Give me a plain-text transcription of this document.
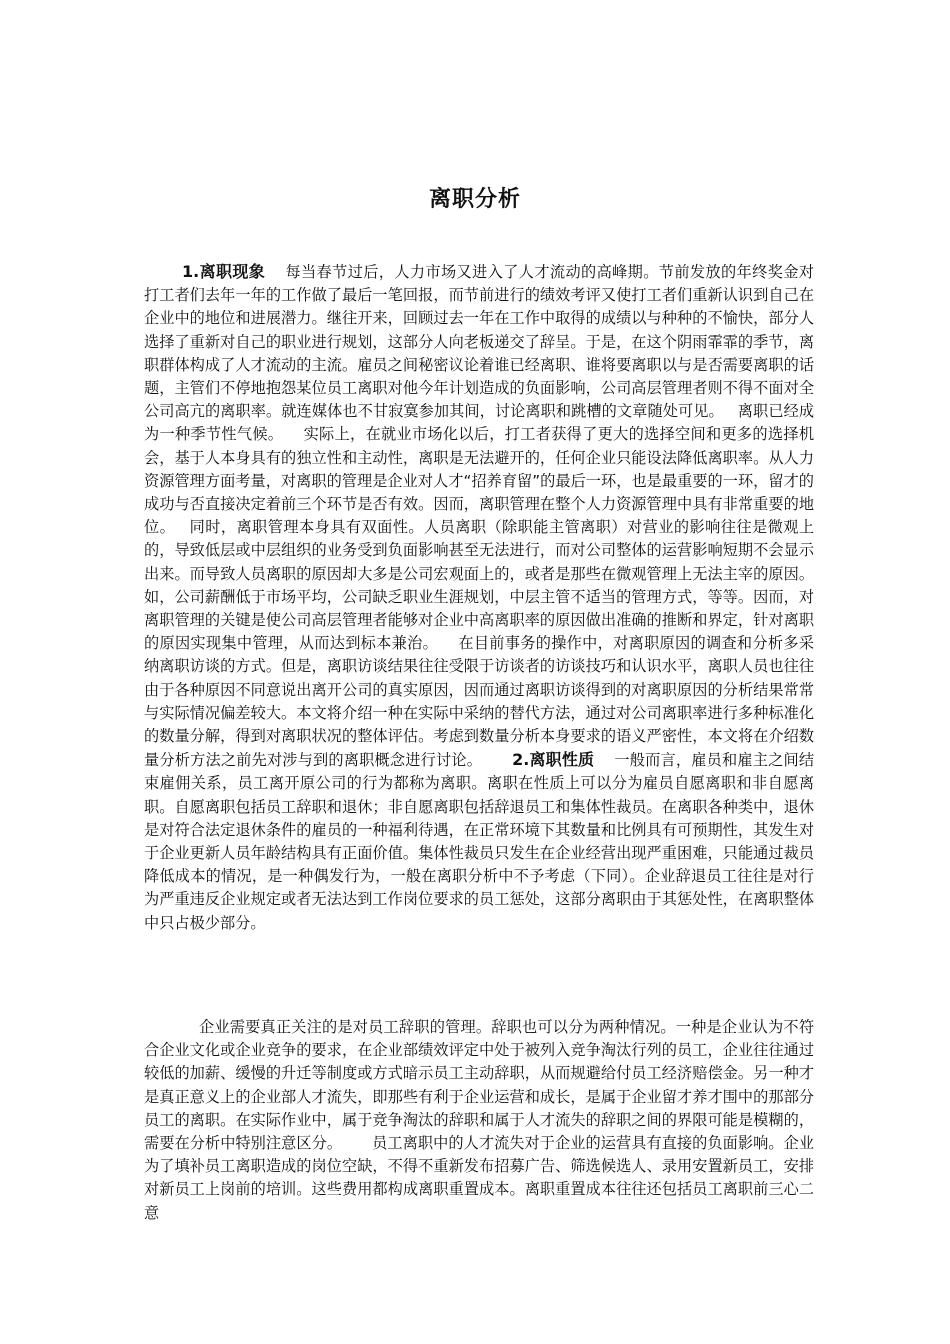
离职分析
1.离职现象 每当春节过后，人力市场又进入了人才流动的高峰期。节前发放的年终奖金对打工者们去年一年的工作做了最后一笔回报，而节前进行的绩效考评又使打工者们重新认识到自己在企业中的地位和进展潜力。继往开来，回顾过去一年在工作中取得的成绩以与种种的不愉快，部分人选择了重新对自己的职业进行规划，这部分人向老板递交了辞呈。于是，在这个阴雨霏霏的季节，离职群体构成了人才流动的主流。雇员之间秘密议论着谁已经离职、谁将要离职以与是否需要离职的话题，主管们不停地抱怨某位员工离职对他今年计划造成的负面影响，公司高层管理者则不得不面对全公司高亢的离职率。就连媒体也不甘寂寞参加其间，讨论离职和跳槽的文章随处可见。 离职已经成为一种季节性气候。 实际上，在就业市场化以后，打工者获得了更大的选择空间和更多的选择机会，基于人本身具有的独立性和主动性，离职是无法避开的，任何企业只能设法降低离职率。从人力资源管理方面考量，对离职的管理是企业对人才“招养育留”的最后一环，也是最重要的一环，留才的成功与否直接决定着前三个环节是否有效。因而，离职管理在整个人力资源管理中具有非常重要的地位。 同时，离职管理本身具有双面性。人员离职（除职能主管离职）对营业的影响往往是微观上的，导致低层或中层组织的业务受到负面影响甚至无法进行，而对公司整体的运营影响短期不会显示出来。而导致人员离职的原因却大多是公司宏观面上的，或者是那些在微观管理上无法主宰的原因。如，公司薪酬低于市场平均，公司缺乏职业生涯规划，中层主管不适当的管理方式，等等。因而，对离职管理的关键是使公司高层管理者能够对企业中高离职率的原因做出准确的推断和界定，针对离职的原因实现集中管理，从而达到标本兼治。 在目前事务的操作中，对离职原因的调查和分析多采纳离职访谈的方式。但是，离职访谈结果往往受限于访谈者的访谈技巧和认识水平，离职人员也往往由于各种原因不同意说出离开公司的真实原因，因而通过离职访谈得到的对离职原因的分析结果常常与实际情况偏差较大。本文将介绍一种在实际中采纳的替代方法，通过对公司离职率进行多种标准化的数量分解，得到对离职状况的整体评估。考虑到数量分析本身要求的语义严密性，本文将在介绍数量分析方法之前先对涉与到的离职概念进行讨论。 2.离职性质 一般而言，雇员和雇主之间结束雇佣关系，员工离开原公司的行为都称为离职。离职在性质上可以分为雇员自愿离职和非自愿离职。自愿离职包括员工辞职和退休；非自愿离职包括辞退员工和集体性裁员。在离职各种类中，退休是对符合法定退休条件的雇员的一种福利待遇，在正常环境下其数量和比例具有可预期性，其发生对于企业更新人员年龄结构具有正面价值。集体性裁员只发生在企业经营出现严重困难，只能通过裁员降低成本的情况，是一种偶发行为，一般在离职分析中不予考虑（下同）。企业辞退员工往往是对行为严重违反企业规定或者无法达到工作岗位要求的员工惩处，这部分离职由于其惩处性，在离职整体中只占极少部分。
企业需要真正关注的是对员工辞职的管理。辞职也可以分为两种情况。一种是企业认为不符合企业文化或企业竞争的要求，在企业部绩效评定中处于被列入竞争淘汰行列的员工，企业往往通过较低的加薪、缓慢的升迁等制度或方式暗示员工主动辞职，从而规避给付员工经济赔偿金。另一种才是真正意义上的企业部人才流失，即那些有利于企业运营和成长，是属于企业留才养才围中的那部分员工的离职。在实际作业中，属于竞争淘汰的辞职和属于人才流失的辞职之间的界限可能是模糊的，需要在分析中特别注意区分。 员工离职中的人才流失对于企业的运营具有直接的负面影响。企业为了填补员工离职造成的岗位空缺，不得不重新发布招募广告、筛选候选人、录用安置新员工，安排对新员工上岗前的培训。这些费用都构成离职重置成本。离职重置成本往往还包括员工离职前三心二意
